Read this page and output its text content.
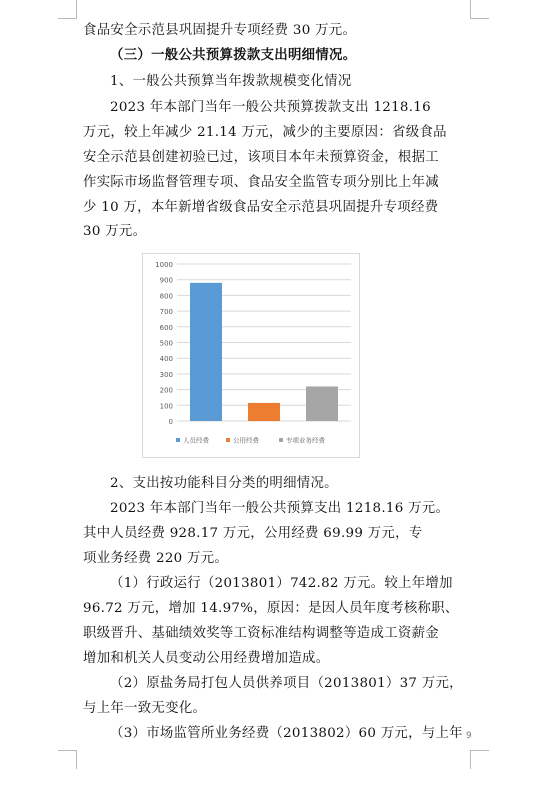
食品安全示范县巩固提升专项经费 30 万元。
（三）一般公共预算拨款支出明细情况。
1、一般公共预算当年拨款规模变化情况
2023 年本部门当年一般公共预算拨款支出 1218.16
万元，较上年减少 21.14 万元，减少的主要原因：省级食品
安全示范县创建初验已过，该项目本年未预算资金，根据工
作实际市场监督管理专项、食品安全监管专项分别比上年减
少 10 万，本年新增省级食品安全示范县巩固提升专项经费
30 万元。
0
100
200
300
400
500
600
700
800
900
1000
人员经费	公用经费	专项业务经费
2、支出按功能科目分类的明细情况。
2023 年本部门当年一般公共预算支出 1218.16 万元。
其中人员经费 928.17 万元，公用经费 69.99 万元，专
项业务经费 220 万元。
（1）行政运行（2013801）742.82 万元。较上年增加
96.72 万元，增加 14.97%，原因：是因人员年度考核称职、
职级晋升、基础绩效奖等工资标准结构调整等造成工资薪金
增加和机关人员变动公用经费增加造成。
（2）原盐务局打包人员供养项目（2013801）37 万元，
与上年一致无变化。
（3）市场监管所业务经费（2013802）60 万元，与上年 9
